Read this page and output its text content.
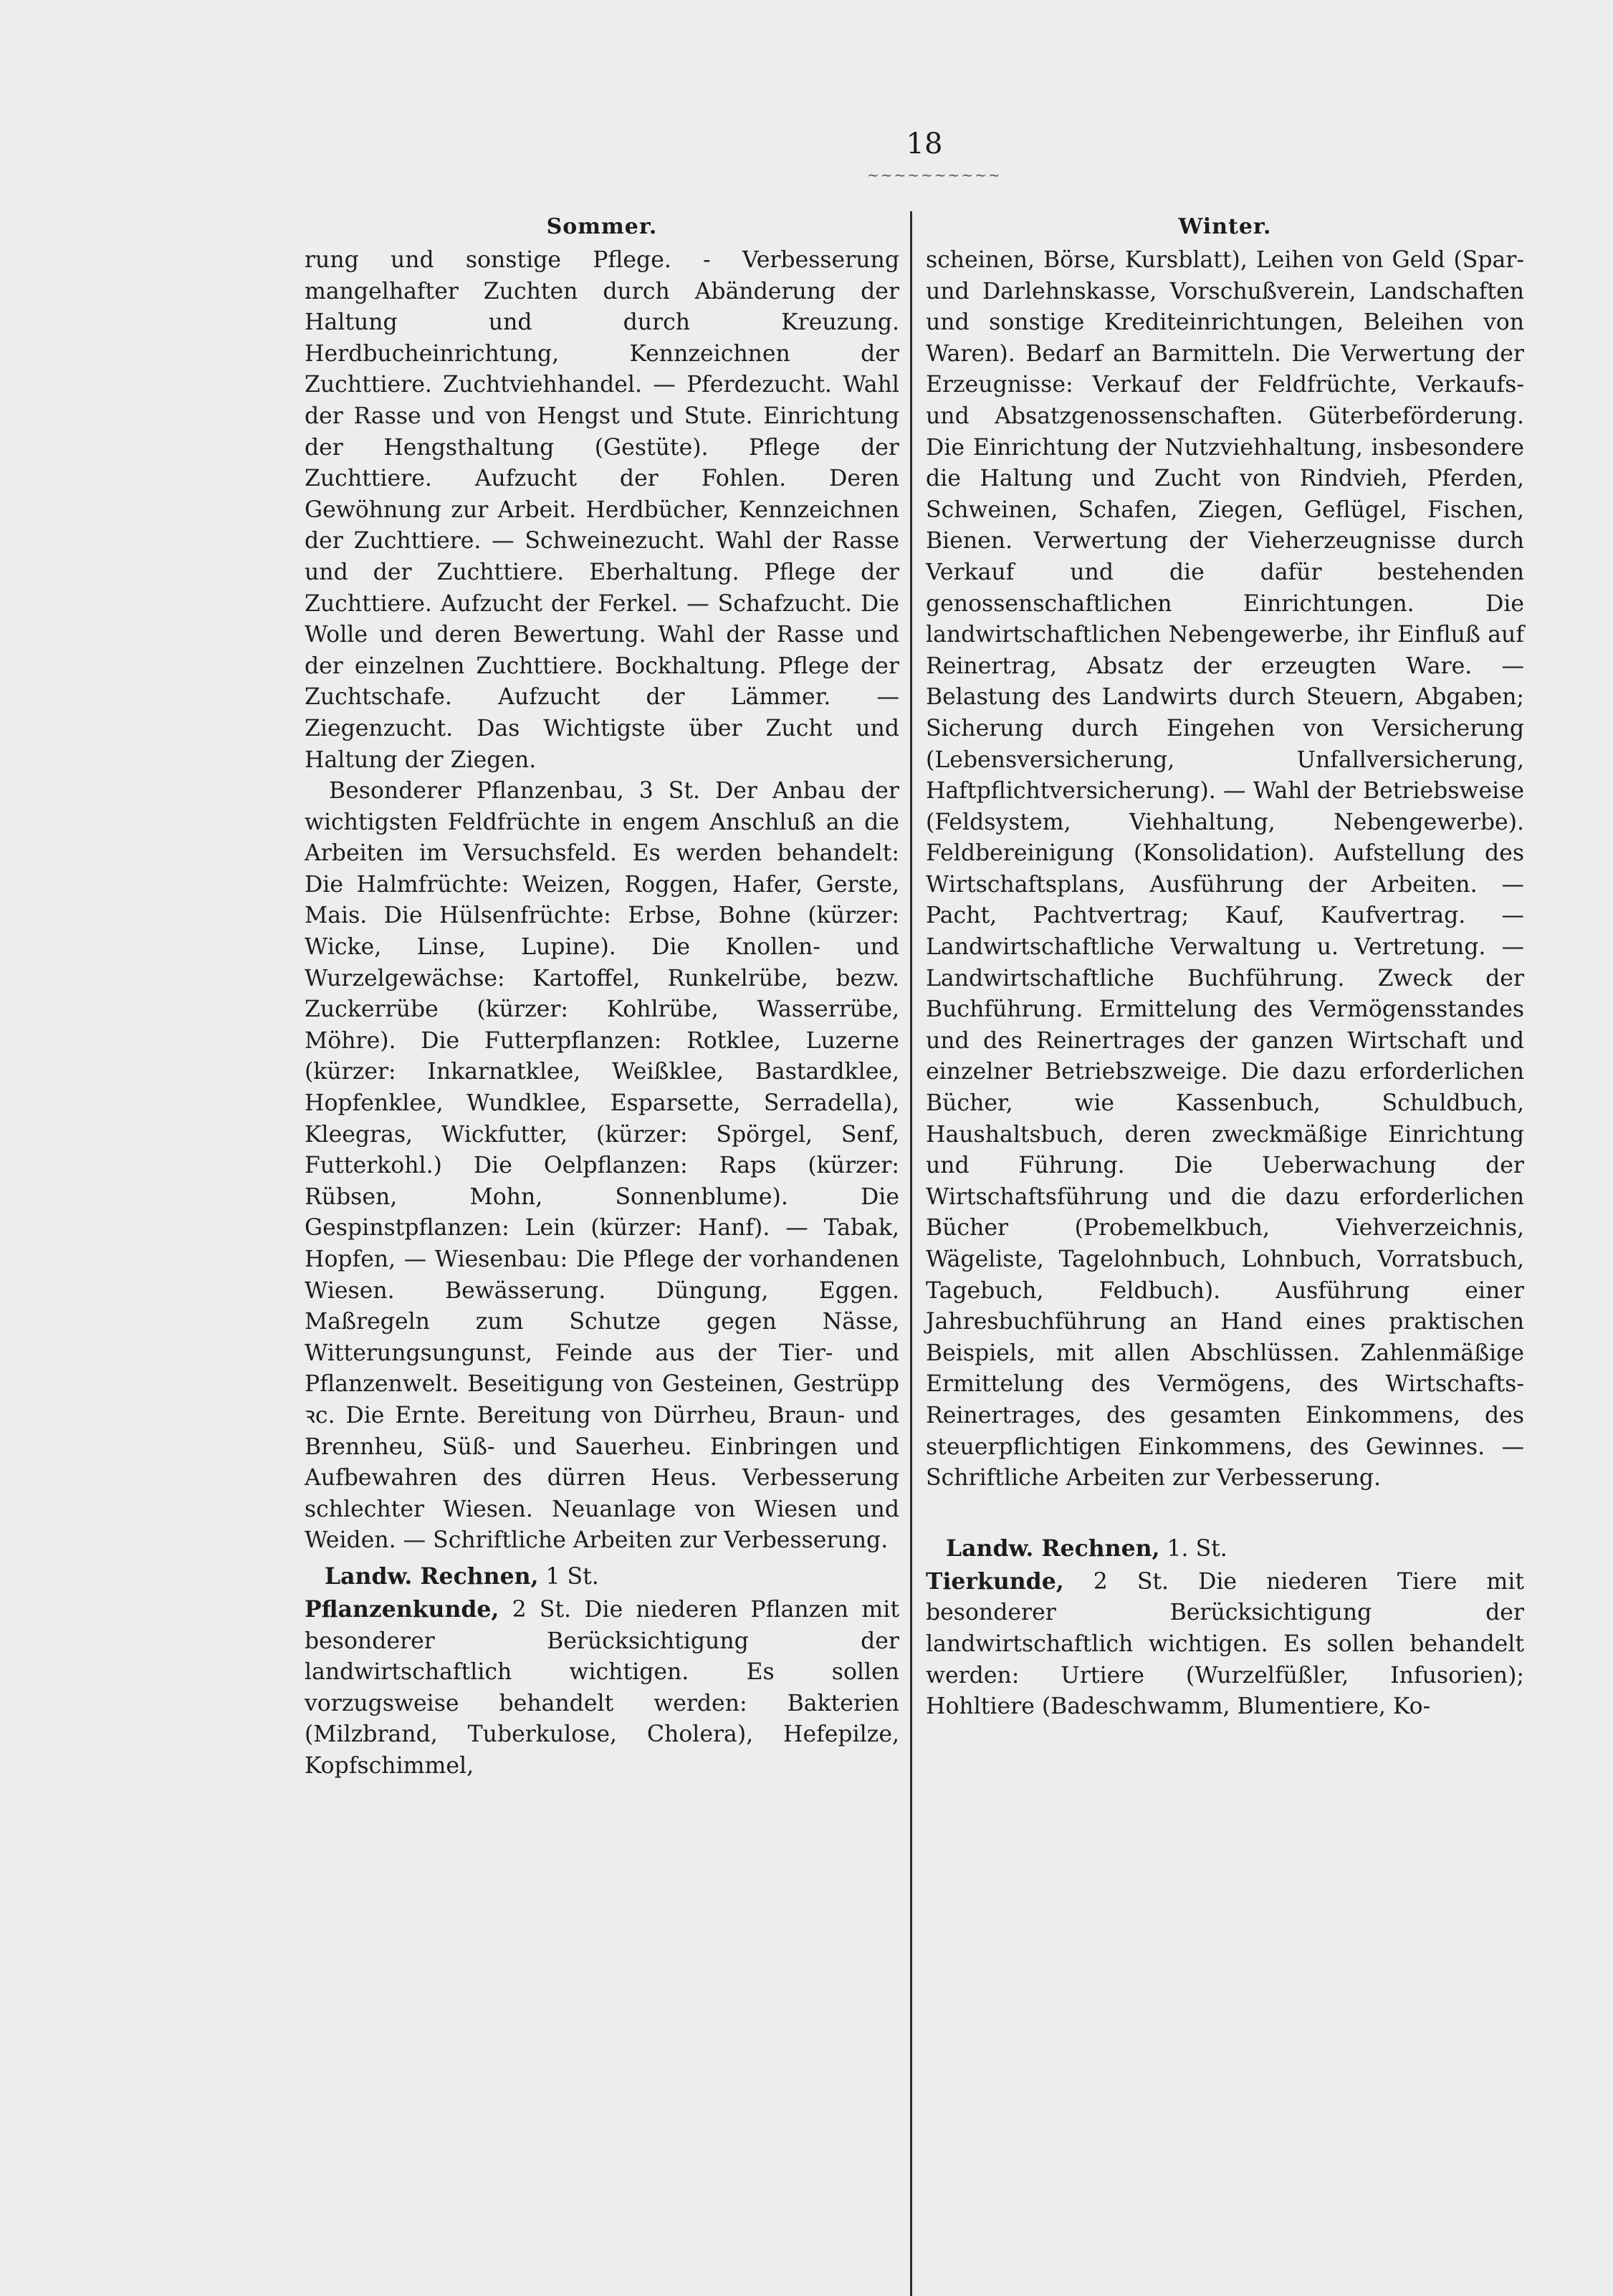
18
~~~~~~~~~~
Sommer.

rung und sonstige Pflege. - Verbesserung mangelhafter Zuchten durch Abänderung der Haltung und durch Kreuzung. Herdbucheinrichtung, Kennzeichnen der Zuchttiere. Zuchtviehhandel. — Pferdezucht. Wahl der Rasse und von Hengst und Stute. Einrichtung der Hengsthaltung (Gestüte). Pflege der Zuchttiere. Aufzucht der Fohlen. Deren Gewöhnung zur Arbeit. Herdbücher, Kennzeichnen der Zuchttiere. — Schweinezucht. Wahl der Rasse und der Zuchttiere. Eberhaltung. Pflege der Zuchttiere. Aufzucht der Ferkel. — Schafzucht. Die Wolle und deren Bewertung. Wahl der Rasse und der einzelnen Zuchttiere. Bockhaltung. Pflege der Zuchtschafe. Aufzucht der Lämmer. — Ziegenzucht. Das Wichtigste über Zucht und Haltung der Ziegen.

Besonderer Pflanzenbau, 3 St. Der Anbau der wichtigsten Feldfrüchte in engem Anschluß an die Arbeiten im Versuchsfeld. Es werden behandelt: Die Halmfrüchte: Weizen, Roggen, Hafer, Gerste, Mais. Die Hülsenfrüchte: Erbse, Bohne (kürzer: Wicke, Linse, Lupine). Die Knollen- und Wurzelgewächse: Kartoffel, Runkelrübe, bezw. Zuckerrübe (kürzer: Kohlrübe, Wasserrübe, Möhre). Die Futterpflanzen: Rotklee, Luzerne (kürzer: Inkarnatklee, Weißklee, Bastardklee, Hopfenklee, Wundklee, Esparsette, Serradella), Kleegras, Wickfutter, (kürzer: Spörgel, Senf, Futterkohl.) Die Oelpflanzen: Raps (kürzer: Rübsen, Mohn, Sonnenblume). Die Gespinstpflanzen: Lein (kürzer: Hanf). — Tabak, Hopfen, — Wiesenbau: Die Pflege der vorhandenen Wiesen. Bewässerung. Düngung, Eggen. Maßregeln zum Schutze gegen Nässe, Witterungsungunst, Feinde aus der Tier- und Pflanzenwelt. Beseitigung von Gesteinen, Gestrüpp ꝛc. Die Ernte. Bereitung von Dürrheu, Braun- und Brennheu, Süß- und Sauerheu. Einbringen und Aufbewahren des dürren Heus. Verbesserung schlechter Wiesen. Neuanlage von Wiesen und Weiden. — Schriftliche Arbeiten zur Verbesserung.

Landw. Rechnen, 1 St.

Pflanzenkunde, 2 St. Die niederen Pflanzen mit besonderer Berücksichtigung der landwirtschaftlich wichtigen. Es sollen vorzugsweise behandelt werden: Bakterien (Milzbrand, Tuberkulose, Cholera), Hefepilze, Kopfschimmel,

Winter.

scheinen, Börse, Kursblatt), Leihen von Geld (Spar- und Darlehnskasse, Vorschußverein, Landschaften und sonstige Krediteinrichtungen, Beleihen von Waren). Bedarf an Barmitteln. Die Verwertung der Erzeugnisse: Verkauf der Feldfrüchte, Verkaufs- und Absatzgenossenschaften. Güterbeförderung. Die Einrichtung der Nutzviehhaltung, insbesondere die Haltung und Zucht von Rindvieh, Pferden, Schweinen, Schafen, Ziegen, Geflügel, Fischen, Bienen. Verwertung der Vieherzeugnisse durch Verkauf und die dafür bestehenden genossenschaftlichen Einrichtungen. Die landwirtschaftlichen Nebengewerbe, ihr Einfluß auf Reinertrag, Absatz der erzeugten Ware. — Belastung des Landwirts durch Steuern, Abgaben; Sicherung durch Eingehen von Versicherung (Lebensversicherung, Unfallversicherung, Haftpflichtversicherung). — Wahl der Betriebsweise (Feldsystem, Viehhaltung, Nebengewerbe). Feldbereinigung (Konsolidation). Aufstellung des Wirtschaftsplans, Ausführung der Arbeiten. — Pacht, Pachtvertrag; Kauf, Kaufvertrag. — Landwirtschaftliche Verwaltung u. Vertretung. — Landwirtschaftliche Buchführung. Zweck der Buchführung. Ermittelung des Vermögensstandes und des Reinertrages der ganzen Wirtschaft und einzelner Betriebszweige. Die dazu erforderlichen Bücher, wie Kassenbuch, Schuldbuch, Haushaltsbuch, deren zweckmäßige Einrichtung und Führung. Die Ueberwachung der Wirtschaftsführung und die dazu erforderlichen Bücher (Probemelkbuch, Viehverzeichnis, Wägeliste, Tagelohnbuch, Lohnbuch, Vorratsbuch, Tagebuch, Feldbuch). Ausführung einer Jahresbuchführung an Hand eines praktischen Beispiels, mit allen Abschlüssen. Zahlenmäßige Ermittelung des Vermögens, des Wirtschafts-Reinertrages, des gesamten Einkommens, des steuerpflichtigen Einkommens, des Gewinnes. — Schriftliche Arbeiten zur Verbesserung.

Landw. Rechnen, 1. St.

Tierkunde, 2 St. Die niederen Tiere mit besonderer Berücksichtigung der landwirtschaftlich wichtigen. Es sollen behandelt werden: Urtiere (Wurzelfüßler, Infusorien); Hohltiere (Badeschwamm, Blumentiere, Ko-
